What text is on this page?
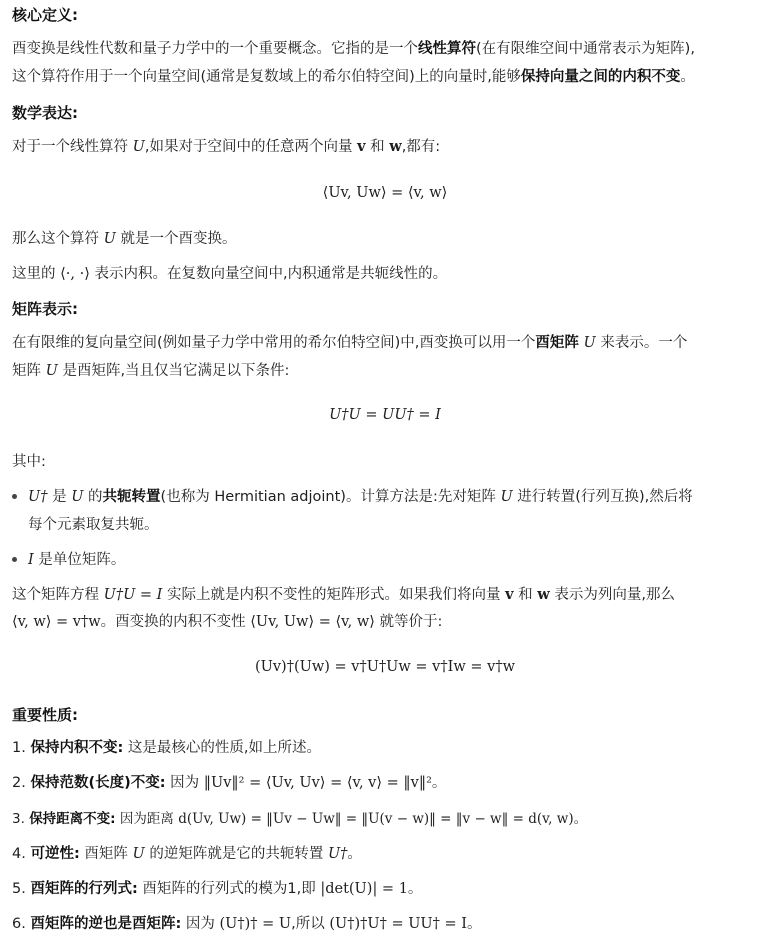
核心定义:
酉变换是线性代数和量子力学中的一个重要概念。它指的是一个线性算符(在有限维空间中通常表示为矩阵),
这个算符作用于一个向量空间(通常是复数域上的希尔伯特空间)上的向量时,能够保持向量之间的内积不变。
数学表达:
对于一个线性算符 U,如果对于空间中的任意两个向量 v 和 w,都有:
⟨Uv, Uw⟩ = ⟨v, w⟩
那么这个算符 U 就是一个酉变换。
这里的 ⟨·, ·⟩ 表示内积。在复数向量空间中,内积通常是共轭线性的。
矩阵表示:
在有限维的复向量空间(例如量子力学中常用的希尔伯特空间)中,酉变换可以用一个酉矩阵 U 来表示。一个
矩阵 U 是酉矩阵,当且仅当它满足以下条件:
U†U = UU† = I
其中:
U† 是 U 的共轭转置(也称为 Hermitian adjoint)。计算方法是:先对矩阵 U 进行转置(行列互换),然后将
每个元素取复共轭。
I 是单位矩阵。
这个矩阵方程 U†U = I 实际上就是内积不变性的矩阵形式。如果我们将向量 v 和 w 表示为列向量,那么
⟨v, w⟩ = v†w。酉变换的内积不变性 ⟨Uv, Uw⟩ = ⟨v, w⟩ 就等价于:
(Uv)†(Uw) = v†U†Uw = v†Iw = v†w
重要性质:
1. 保持内积不变: 这是最核心的性质,如上所述。
2. 保持范数(长度)不变: 因为 ‖Uv‖² = ⟨Uv, Uv⟩ = ⟨v, v⟩ = ‖v‖²。
3. 保持距离不变: 因为距离 d(Uv, Uw) = ‖Uv − Uw‖ = ‖U(v − w)‖ = ‖v − w‖ = d(v, w)。
4. 可逆性: 酉矩阵 U 的逆矩阵就是它的共轭转置 U†。
5. 酉矩阵的行列式: 酉矩阵的行列式的模为1,即 |det(U)| = 1。
6. 酉矩阵的逆也是酉矩阵: 因为 (U†)† = U,所以 (U†)†U† = UU† = I。
